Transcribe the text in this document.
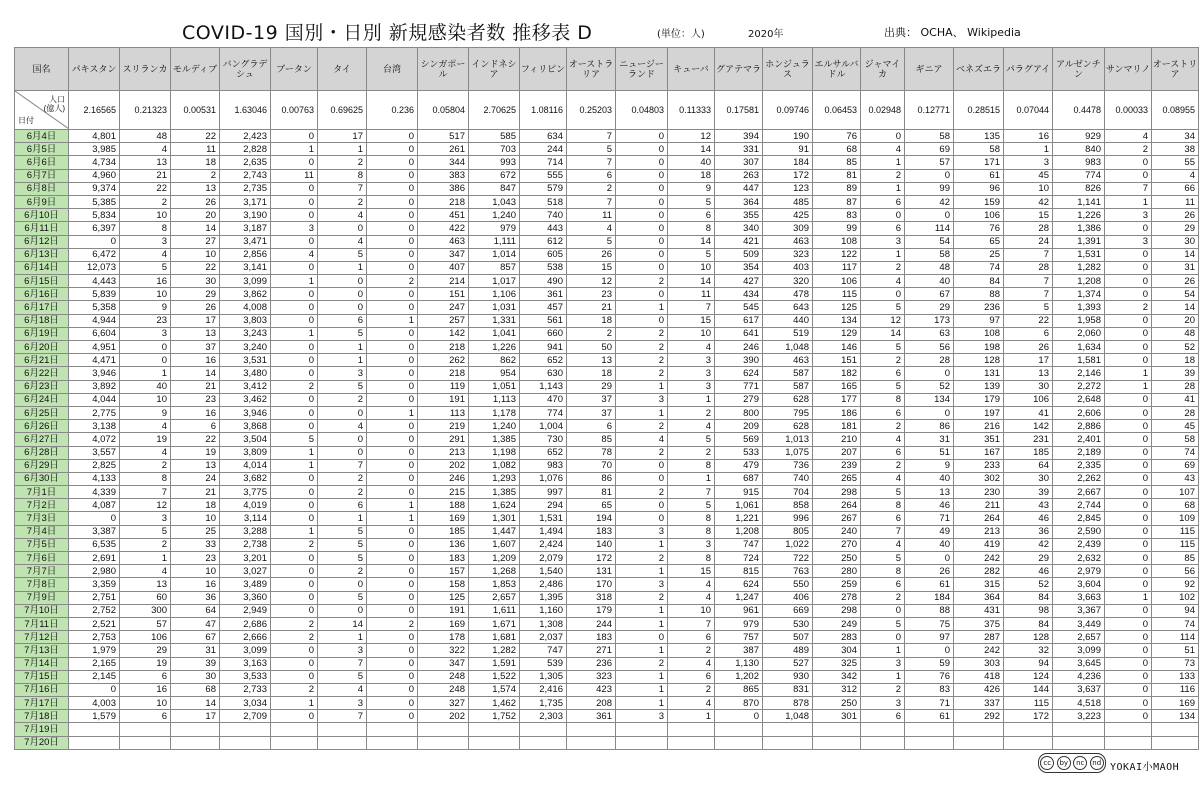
COVID-19 国別・日別 新規感染者数 推移表 D	(単位：人)	2020年	出典： OCHA、 Wikipedia
国名	パキスタン	スリランカ	モルディブ	バングラデシュ	ブータン	タイ	台湾	シンガポール	インドネシア	フィリピン	オーストラリア	ニュージーランド	キューバ	グアテマラ	ホンジュラス	エルサルバドル	ジャマイカ	ギニア	ベネズエラ	パラグアイ	アルゼンチン	サンマリノ	オーストリア

人口
(億人)
日付	2.16565	0.21323	0.00531	1.63046	0.00763	0.69625	0.236	0.05804	2.70625	1.08116	0.25203	0.04803	0.11333	0.17581	0.09746	0.06453	0.02948	0.12771	0.28515	0.07044	0.4478	0.00033	0.08955
6月4日	4,801	48	22	2,423	0	17	0	517	585	634	7	0	12	394	190	76	0	58	135	16	929	4	34
6月5日	3,985	4	11	2,828	1	1	0	261	703	244	5	0	14	331	91	68	4	69	58	1	840	2	38
6月6日	4,734	13	18	2,635	0	2	0	344	993	714	7	0	40	307	184	85	1	57	171	3	983	0	55
6月7日	4,960	21	2	2,743	11	8	0	383	672	555	6	0	18	263	172	81	2	0	61	45	774	0	4
6月8日	9,374	22	13	2,735	0	7	0	386	847	579	2	0	9	447	123	89	1	99	96	10	826	7	66
6月9日	5,385	2	26	3,171	0	2	0	218	1,043	518	7	0	5	364	485	87	6	42	159	42	1,141	1	11
6月10日	5,834	10	20	3,190	0	4	0	451	1,240	740	11	0	6	355	425	83	0	0	106	15	1,226	3	26
6月11日	6,397	8	14	3,187	3	0	0	422	979	443	4	0	8	340	309	99	6	114	76	28	1,386	0	29
6月12日	0	3	27	3,471	0	4	0	463	1,111	612	5	0	14	421	463	108	3	54	65	24	1,391	3	30
6月13日	6,472	4	10	2,856	4	5	0	347	1,014	605	26	0	5	509	323	122	1	58	25	7	1,531	0	14
6月14日	12,073	5	22	3,141	0	1	0	407	857	538	15	0	10	354	403	117	2	48	74	28	1,282	0	31
6月15日	4,443	16	30	3,099	1	0	2	214	1,017	490	12	2	14	427	320	106	4	40	84	7	1,208	0	26
6月16日	5,839	10	29	3,862	0	0	0	151	1,106	361	23	0	11	434	478	115	0	67	88	7	1,374	0	54
6月17日	5,358	9	26	4,008	0	0	0	247	1,031	457	21	1	7	545	643	125	5	29	236	5	1,393	2	14
6月18日	4,944	23	17	3,803	0	6	1	257	1,331	561	18	0	15	617	440	134	12	173	97	22	1,958	0	20
6月19日	6,604	3	13	3,243	1	5	0	142	1,041	660	2	2	10	641	519	129	14	63	108	6	2,060	0	48
6月20日	4,951	0	37	3,240	0	1	0	218	1,226	941	50	2	4	246	1,048	146	5	56	198	26	1,634	0	52
6月21日	4,471	0	16	3,531	0	1	0	262	862	652	13	2	3	390	463	151	2	28	128	17	1,581	0	18
6月22日	3,946	1	14	3,480	0	3	0	218	954	630	18	2	3	624	587	182	6	0	131	13	2,146	1	39
6月23日	3,892	40	21	3,412	2	5	0	119	1,051	1,143	29	1	3	771	587	165	5	52	139	30	2,272	1	28
6月24日	4,044	10	23	3,462	0	2	0	191	1,113	470	37	3	1	279	628	177	8	134	179	106	2,648	0	41
6月25日	2,775	9	16	3,946	0	0	1	113	1,178	774	37	1	2	800	795	186	6	0	197	41	2,606	0	28
6月26日	3,138	4	6	3,868	0	4	0	219	1,240	1,004	6	2	4	209	628	181	2	86	216	142	2,886	0	45
6月27日	4,072	19	22	3,504	5	0	0	291	1,385	730	85	4	5	569	1,013	210	4	31	351	231	2,401	0	58
6月28日	3,557	4	19	3,809	1	0	0	213	1,198	652	78	2	2	533	1,075	207	6	51	167	185	2,189	0	74
6月29日	2,825	2	13	4,014	1	7	0	202	1,082	983	70	0	8	479	736	239	2	9	233	64	2,335	0	69
6月30日	4,133	8	24	3,682	0	2	0	246	1,293	1,076	86	0	1	687	740	265	4	40	302	30	2,262	0	43
7月1日	4,339	7	21	3,775	0	2	0	215	1,385	997	81	2	7	915	704	298	5	13	230	39	2,667	0	107
7月2日	4,087	12	18	4,019	0	6	1	188	1,624	294	65	0	5	1,061	858	264	8	46	211	43	2,744	0	68
7月3日	0	3	10	3,114	0	1	1	169	1,301	1,531	194	0	8	1,221	996	267	6	71	264	46	2,845	0	109
7月4日	3,387	5	25	3,288	1	5	0	185	1,447	1,494	183	3	8	1,208	805	240	7	49	213	36	2,590	0	115
7月5日	6,535	2	33	2,738	2	5	0	136	1,607	2,424	140	1	3	747	1,022	270	4	40	419	42	2,439	0	115
7月6日	2,691	1	23	3,201	0	5	0	183	1,209	2,079	172	2	8	724	722	250	5	0	242	29	2,632	0	85
7月7日	2,980	4	10	3,027	0	2	0	157	1,268	1,540	131	1	15	815	763	280	8	26	282	46	2,979	0	56
7月8日	3,359	13	16	3,489	0	0	0	158	1,853	2,486	170	3	4	624	550	259	6	61	315	52	3,604	0	92
7月9日	2,751	60	36	3,360	0	5	0	125	2,657	1,395	318	2	4	1,247	406	278	2	184	364	84	3,663	1	102
7月10日	2,752	300	64	2,949	0	0	0	191	1,611	1,160	179	1	10	961	669	298	0	88	431	98	3,367	0	94
7月11日	2,521	57	47	2,686	2	14	2	169	1,671	1,308	244	1	7	979	530	249	5	75	375	84	3,449	0	74
7月12日	2,753	106	67	2,666	2	1	0	178	1,681	2,037	183	0	6	757	507	283	0	97	287	128	2,657	0	114
7月13日	1,979	29	31	3,099	0	3	0	322	1,282	747	271	1	2	387	489	304	1	0	242	32	3,099	0	51
7月14日	2,165	19	39	3,163	0	7	0	347	1,591	539	236	2	4	1,130	527	325	3	59	303	94	3,645	0	73
7月15日	2,145	6	30	3,533	0	5	0	248	1,522	1,305	323	1	6	1,202	930	342	1	76	418	124	4,236	0	133
7月16日	0	16	68	2,733	2	4	0	248	1,574	2,416	423	1	2	865	831	312	2	83	426	144	3,637	0	116
7月17日	4,003	10	14	3,034	1	3	0	327	1,462	1,735	208	1	4	870	878	250	3	71	337	115	4,518	0	169
7月18日	1,579	6	17	2,709	0	7	0	202	1,752	2,303	361	3	1	0	1,048	301	6	61	292	172	3,223	0	134
7月19日																							
7月20日																							
cc	by	nc	nd YOKAI小MAOH
